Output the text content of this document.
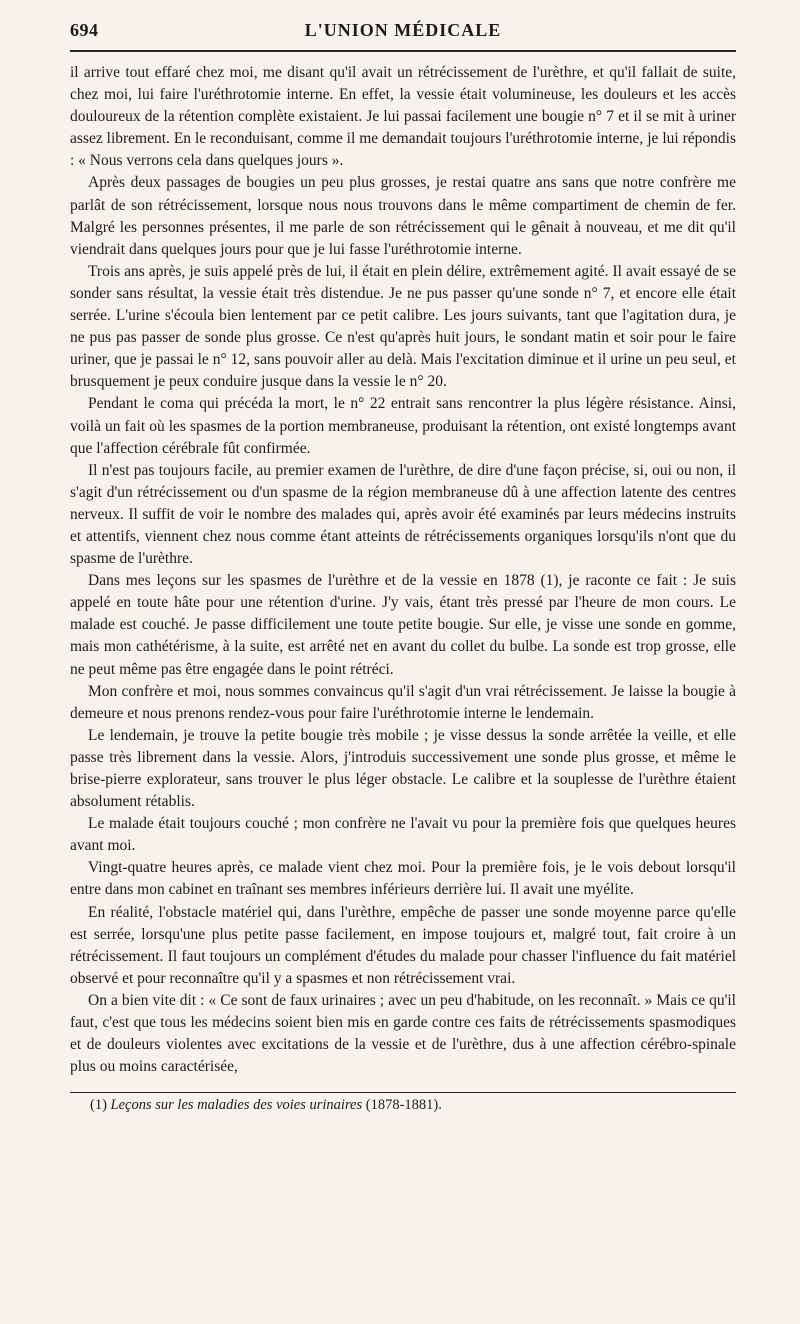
694	L'UNION MÉDICALE

il arrive tout effaré chez moi, me disant qu'il avait un rétrécissement de l'urèthre, et qu'il fallait de suite, chez moi, lui faire l'uréthrotomie interne. En effet, la vessie était volumineuse, les douleurs et les accès douloureux de la rétention complète existaient. Je lui passai facilement une bougie n° 7 et il se mit à uriner assez librement. En le reconduisant, comme il me demandait toujours l'uréthrotomie interne, je lui répondis : « Nous verrons cela dans quelques jours ».

Après deux passages de bougies un peu plus grosses, je restai quatre ans sans que notre confrère me parlât de son rétrécissement, lorsque nous nous trouvons dans le même compartiment de chemin de fer. Malgré les personnes présentes, il me parle de son rétrécissement qui le gênait à nouveau, et me dit qu'il viendrait dans quelques jours pour que je lui fasse l'uréthrotomie interne.

Trois ans après, je suis appelé près de lui, il était en plein délire, extrêmement agité. Il avait essayé de se sonder sans résultat, la vessie était très distendue. Je ne pus passer qu'une sonde n° 7, et encore elle était serrée. L'urine s'écoula bien lentement par ce petit calibre. Les jours suivants, tant que l'agitation dura, je ne pus pas passer de sonde plus grosse. Ce n'est qu'après huit jours, le sondant matin et soir pour le faire uriner, que je passai le n° 12, sans pouvoir aller au delà. Mais l'excitation diminue et il urine un peu seul, et brusquement je peux conduire jusque dans la vessie le n° 20.

Pendant le coma qui précéda la mort, le n° 22 entrait sans rencontrer la plus légère résistance. Ainsi, voilà un fait où les spasmes de la portion membraneuse, produisant la rétention, ont existé longtemps avant que l'affection cérébrale fût confirmée.

Il n'est pas toujours facile, au premier examen de l'urèthre, de dire d'une façon précise, si, oui ou non, il s'agit d'un rétrécissement ou d'un spasme de la région membraneuse dû à une affection latente des centres nerveux. Il suffit de voir le nombre des malades qui, après avoir été examinés par leurs médecins instruits et attentifs, viennent chez nous comme étant atteints de rétrécissements organiques lorsqu'ils n'ont que du spasme de l'urèthre.

Dans mes leçons sur les spasmes de l'urèthre et de la vessie en 1878 (1), je raconte ce fait : Je suis appelé en toute hâte pour une rétention d'urine. J'y vais, étant très pressé par l'heure de mon cours. Le malade est couché. Je passe difficilement une toute petite bougie. Sur elle, je visse une sonde en gomme, mais mon cathétérisme, à la suite, est arrêté net en avant du collet du bulbe. La sonde est trop grosse, elle ne peut même pas être engagée dans le point rétréci.

Mon confrère et moi, nous sommes convaincus qu'il s'agit d'un vrai rétrécissement. Je laisse la bougie à demeure et nous prenons rendez-vous pour faire l'uréthrotomie interne le lendemain.

Le lendemain, je trouve la petite bougie très mobile ; je visse dessus la sonde arrêtée la veille, et elle passe très librement dans la vessie. Alors, j'introduis successivement une sonde plus grosse, et même le brise-pierre explorateur, sans trouver le plus léger obstacle. Le calibre et la souplesse de l'urèthre étaient absolument rétablis.

Le malade était toujours couché ; mon confrère ne l'avait vu pour la première fois que quelques heures avant moi.

Vingt-quatre heures après, ce malade vient chez moi. Pour la première fois, je le vois debout lorsqu'il entre dans mon cabinet en traînant ses membres inférieurs derrière lui. Il avait une myélite.

En réalité, l'obstacle matériel qui, dans l'urèthre, empêche de passer une sonde moyenne parce qu'elle est serrée, lorsqu'une plus petite passe facilement, en impose toujours et, malgré tout, fait croire à un rétrécissement. Il faut toujours un complément d'études du malade pour chasser l'influence du fait matériel observé et pour reconnaître qu'il y a spasmes et non rétrécissement vrai.

On a bien vite dit : « Ce sont de faux urinaires ; avec un peu d'habitude, on les reconnaît. » Mais ce qu'il faut, c'est que tous les médecins soient bien mis en garde contre ces faits de rétrécissements spasmodiques et de douleurs violentes avec excitations de la vessie et de l'urèthre, dus à une affection cérébro-spinale plus ou moins caractérisée,

(1) Leçons sur les maladies des voies urinaires (1878-1881).
